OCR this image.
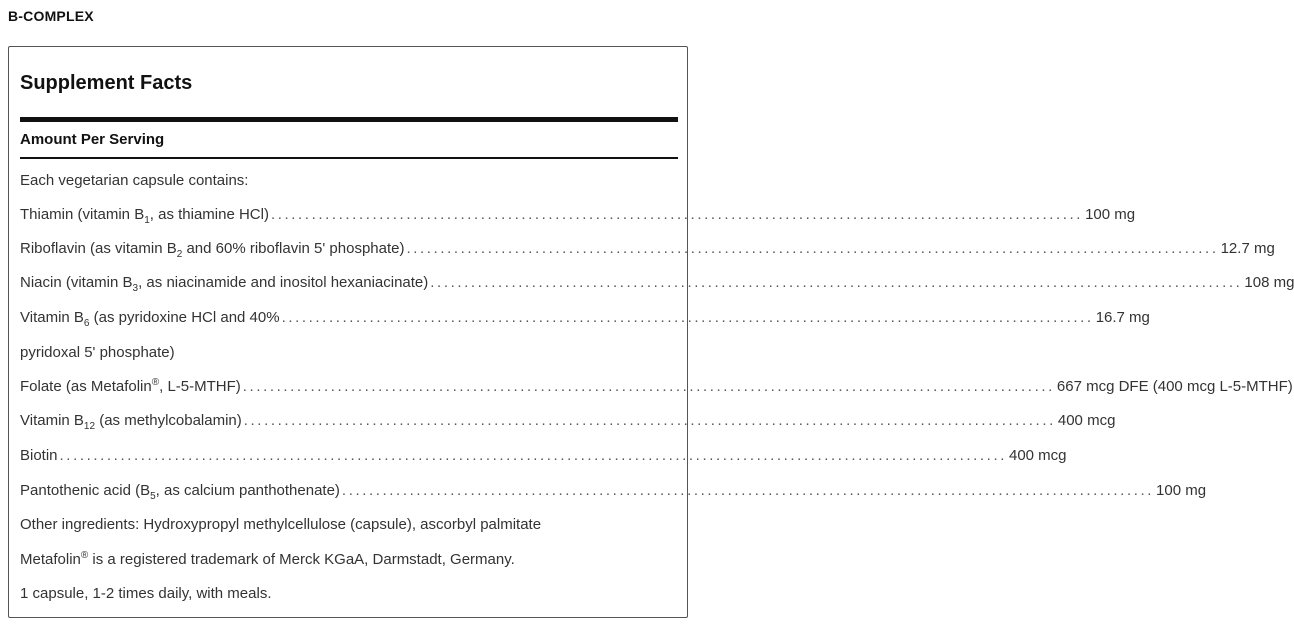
B-COMPLEX
Supplement Facts
Amount Per Serving
Each vegetarian capsule contains:
Thiamin (vitamin $B_1$, as thiamine HCl) ........................................................................................................................ 100 mg
Riboflavin (as vitamin $B_2$ and 60% riboflavin 5' phosphate) ........................................................................................................................ 12.7 mg
Niacin (vitamin $B_3$, as niacinamide and inositol hexaniacinate) ........................................................................................................................ 108 mg
Vitamin $B_6$ (as pyridoxine HCl and 40% ........................................................................................................................ 16.7 mg
pyridoxal 5' phosphate)
Folate (as Metafolin®, L-5-MTHF) ........................................................................................................................ 667 mcg DFE (400 mcg L-5-MTHF)
Vitamin $B_{12}$ (as methylcobalamin) ........................................................................................................................ 400 mcg
Biotin ............................................................................................................................................ 400 mcg
Pantothenic acid ($B_5$, as calcium panthothenate) ........................................................................................................................ 100 mg
Other ingredients: Hydroxypropyl methylcellulose (capsule), ascorbyl palmitate
Metafolin® is a registered trademark of Merck KGaA, Darmstadt, Germany.
1 capsule, 1-2 times daily, with meals.
